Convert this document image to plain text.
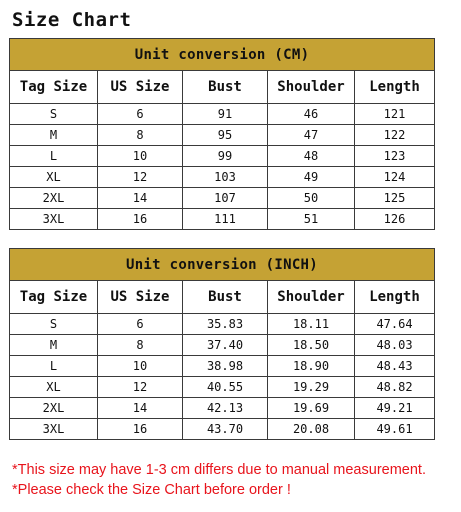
Size Chart
Unit conversion (CM)				
Tag Size	US Size	Bust	Shoulder	Length
S	6	91	46	121
M	8	95	47	122
L	10	99	48	123
XL	12	103	49	124
2XL	14	107	50	125
3XL	16	111	51	126
Unit conversion (INCH)				
Tag Size	US Size	Bust	Shoulder	Length
S	6	35.83	18.11	47.64
M	8	37.40	18.50	48.03
L	10	38.98	18.90	48.43
XL	12	40.55	19.29	48.82
2XL	14	42.13	19.69	49.21
3XL	16	43.70	20.08	49.61
*This size may have 1-3 cm differs due to manual measurement.
*Please check the Size Chart before order !
